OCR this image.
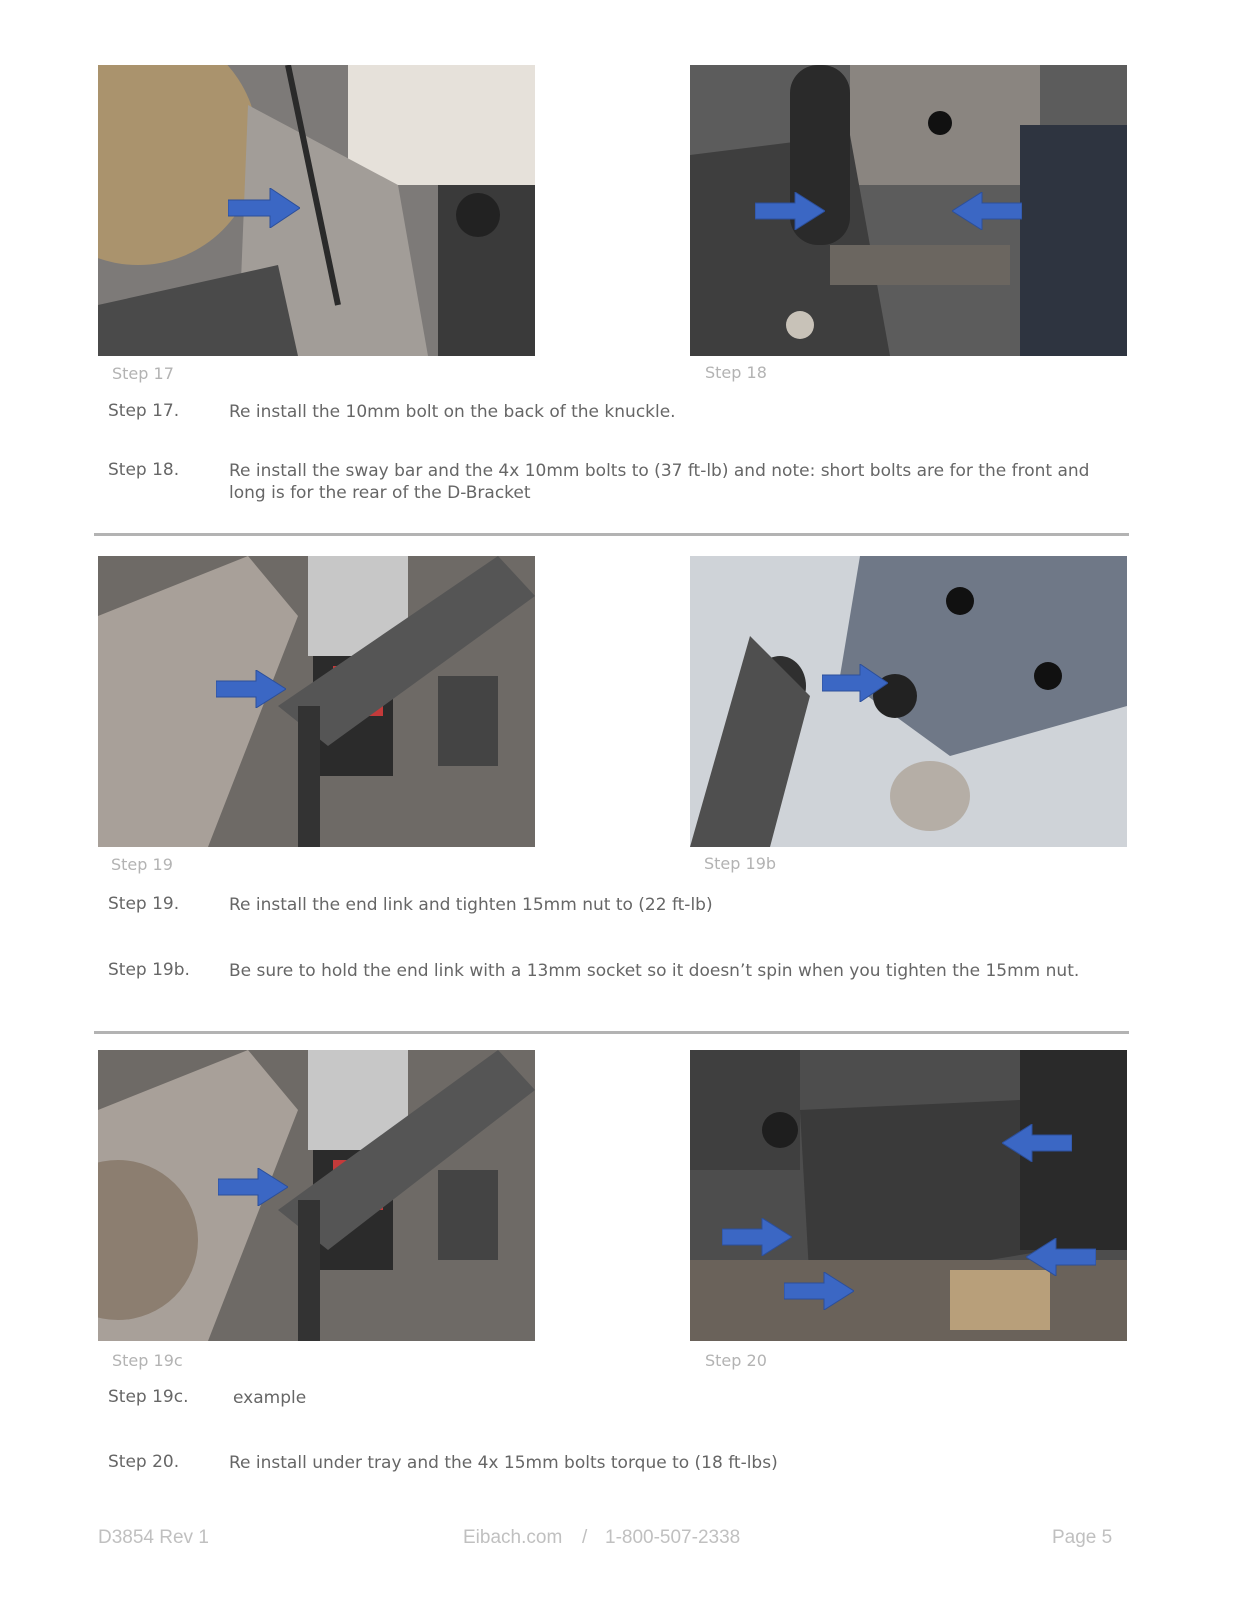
Step 17	Step 18
Step 17.	Re install the 10mm bolt on the back of the knuckle.
Step 18.	Re install the sway bar and the 4x 10mm bolts to (37 ft-lb) and note: short bolts are for the front and long is for the rear of the D-Bracket
Step 19	Step 19b
Step 19.	Re install the end link and tighten 15mm nut to (22 ft-lb)
Step 19b. Be sure to hold the end link with a 13mm socket so it doesn’t spin when you tighten the 15mm nut.
Step 19c	Step 20
Step 19c.	example
Step 20.	Re install under tray and the 4x 15mm bolts torque to (18 ft-lbs)
D3854 Rev 1	Eibach.com / 1-800-507-2338	Page 5
